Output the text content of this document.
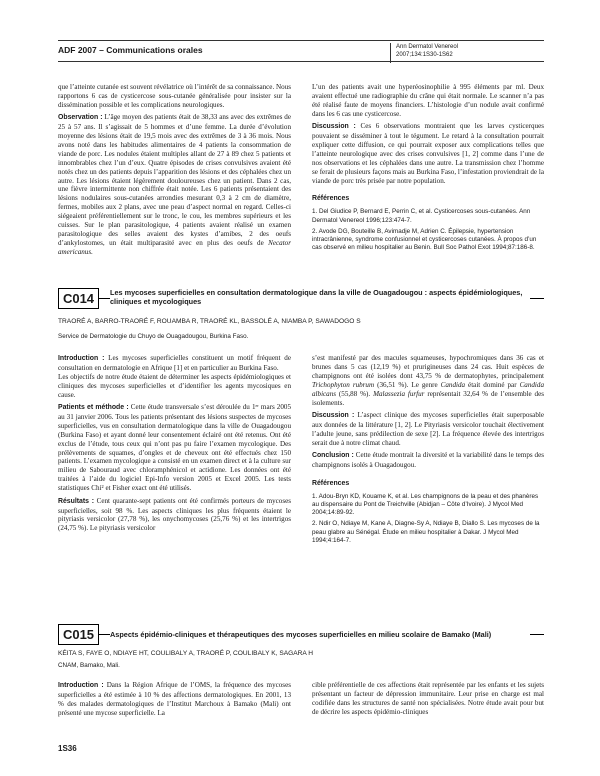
ADF 2007 – Communications orales	Ann Dermatol Venereol
2007;134:1S30-1S62

que l’atteinte cutanée est souvent révélatrice où l’intérêt de sa connaissance. Nous rapportons 6 cas de cysticercose sous-cutanée généralisée pour insister sur la dissémination possible et les complications neurologiques.

Observation : L’âge moyen des patients était de 38,33 ans avec des extrêmes de 25 à 57 ans. Il s’agissait de 5 hommes et d’une femme. La durée d’évolution moyenne des lésions était de 19,5 mois avec des extrêmes de 3 à 36 mois. Nous avons noté dans les habitudes alimentaires de 4 patients la consommation de viande de porc. Les nodules étaient multiples allant de 27 à 89 chez 5 patients et innombrables chez l’un d’eux. Quatre épisodes de crises convulsives avaient été notés chez un des patients depuis l’apparition des lésions et des céphalées chez un autre. Les lésions étaient légèrement douloureuses chez un patient. Dans 2 cas, une fièvre intermittente non chiffrée était notée. Les 6 patients présentaient des lésions nodulaires sous-cutanées arrondies mesurant 0,3 à 2 cm de diamètre, fermes, mobiles aux 2 plans, avec une peau d’aspect normal en regard. Celles-ci siégeaient préférentiellement sur le tronc, le cou, les membres supérieurs et les cuisses. Sur le plan parasitologique, 4 patients avaient réalisé un examen parasitologique des selles avaient des kystes d’amibes, 2 des oeufs d’ankylostomes, un était multiparasité avec en plus des oeufs de Necator americanus.

L’un des patients avait une hyperéosinophilie à 995 éléments par ml. Deux avaient effectué une radiographie du crâne qui était normale. Le scanner n’a pas été réalisé faute de moyens financiers. L’histologie d’un nodule avait confirmé dans les 6 cas une cysticercose.

Discussion : Ces 6 observations montraient que les larves cysticerques pouvaient se disséminer à tout le tégument. Le retard à la consultation pourrait expliquer cette diffusion, ce qui pourrait exposer aux complications telles que l’atteinte neurologique avec des crises convulsives [1, 2] comme dans l’une de nos observations et les céphalées dans une autre. La transmission chez l’homme se ferait de plusieurs façons mais au Burkina Faso, l’infestation proviendrait de la viande de porc très prisée par notre population.

Références

1. Del Giudice P, Bernard E, Perrin C, et al. Cysticercoses sous-cutanées. Ann Dermatol Venereol 1996;123:474-7.

2. Avode DG, Bouteille B, Avimadje M, Adrien C. Épilepsie, hypertension intracrânienne, syndrome confusionnel et cysticercoses cutanées. À propos d’un cas observé en milieu hospitalier au Benin. Bull Soc Pathol Exot 1994;87:186-8.

C014	Les mycoses superficielles en consultation dermatologique dans la ville de Ouagadougou : aspects épidémiologiques, cliniques et mycologiques
TRAORÉ A, BARRO-TRAORÉ F, ROUAMBA R, TRAORÉ KL, BASSOLÉ A, NIAMBA P, SAWADOGO S
Service de Dermatologie du Chuyo de Ouagadougou, Burkina Faso.

Introduction : Les mycoses superficielles constituent un motif fréquent de consultation en dermatologie en Afrique [1] et en particulier au Burkina Faso.

Les objectifs de notre étude étaient de déterminer les aspects épidémiologiques et cliniques des mycoses superficielles et d’identifier les agents mycosiques en cause.

Patients et méthode : Cette étude transversale s’est déroulée du 1ᵉʳ mars 2005 au 31 janvier 2006. Tous les patients présentant des lésions suspectes de mycoses superficielles, vus en consultation dermatologique dans la ville de Ouagadougou (Burkina Faso) et ayant donné leur consentement éclairé ont été retenus. Ont été exclus de l’étude, tous ceux qui n’ont pas pu faire l’examen mycologique. Des prélèvements de squames, d’ongles et de cheveux ont été effectués chez 150 patients. L’examen mycologique a consisté en un examen direct et à la culture sur milieu de Sabouraud avec chloramphénicol et actidione. Les données ont été traitées à l’aide du logiciel Epi-Info version 2005 et Excel 2005. Les tests statistiques Chi² et Fisher exact ont été utilisés.

Résultats : Cent quarante-sept patients ont été confirmés porteurs de mycoses superficielles, soit 98 %. Les aspects cliniques les plus fréquents étaient le pityriasis versicolor (27,78 %), les onychomycoses (25,76 %) et les intertrigos (24,75 %). Le pityriasis versicolor

s’est manifesté par des macules squameuses, hypochromiques dans 36 cas et brunes dans 5 cas (12,19 %) et prurigineuses dans 24 cas. Huit espèces de champignons ont été isolées dont 43,75 % de dermatophytes, principalement Trichophyton rubrum (36,51 %). Le genre Candida était dominé par Candida albicans (55,88 %). Malassezia furfur représentait 32,64 % de l’ensemble des isolements.

Discussion : L’aspect clinique des mycoses superficielles était superposable aux données de la littérature [1, 2]. Le Pityriasis versicolor touchait électivement l’adulte jeune, sans prédilection de sexe [2]. La fréquence élevée des intertrigos serait due à notre climat chaud.

Conclusion : Cette étude montrait la diversité et la variabilité dans le temps des champignons isolés à Ouagadougou.

Références

1. Adou-Bryn KD, Kouame K, et al. Les champignons de la peau et des phanères au dispensaire du Pont de Treichville (Abidjan – Côte d’Ivoire). J Mycol Med 2004;14:89-92.

2. Ndir O, Ndiaye M, Kane A, Diagne-Sy A, Ndiaye B, Diallo S. Les mycoses de la peau glabre au Sénégal. Étude en milieu hospitalier à Dakar. J Mycol Med 1994;4:164-7.

C015	Aspects épidémio-cliniques et thérapeutiques des mycoses superficielles en milieu scolaire de Bamako (Mali)
KÉITA S, FAYE O, NDIAYE HT, COULIBALY A, TRAORÉ P, COULIBALY K, SAGARA H
CNAM, Bamako, Mali.

Introduction : Dans la Région Afrique de l’OMS, la fréquence des mycoses superficielles a été estimée à 10 % des affections dermatologiques. En 2001, 13 % des malades dermatologiques de l’Institut Marchoux à Bamako (Mali) ont présenté une mycose superficielle. La

cible préférentielle de ces affections était représentée par les enfants et les sujets présentant un facteur de dépression immunitaire. Leur prise en charge est mal codifiée dans les structures de santé non spécialisées. Notre étude avait pour but de décrire les aspects épidémio-cliniques

1S36
